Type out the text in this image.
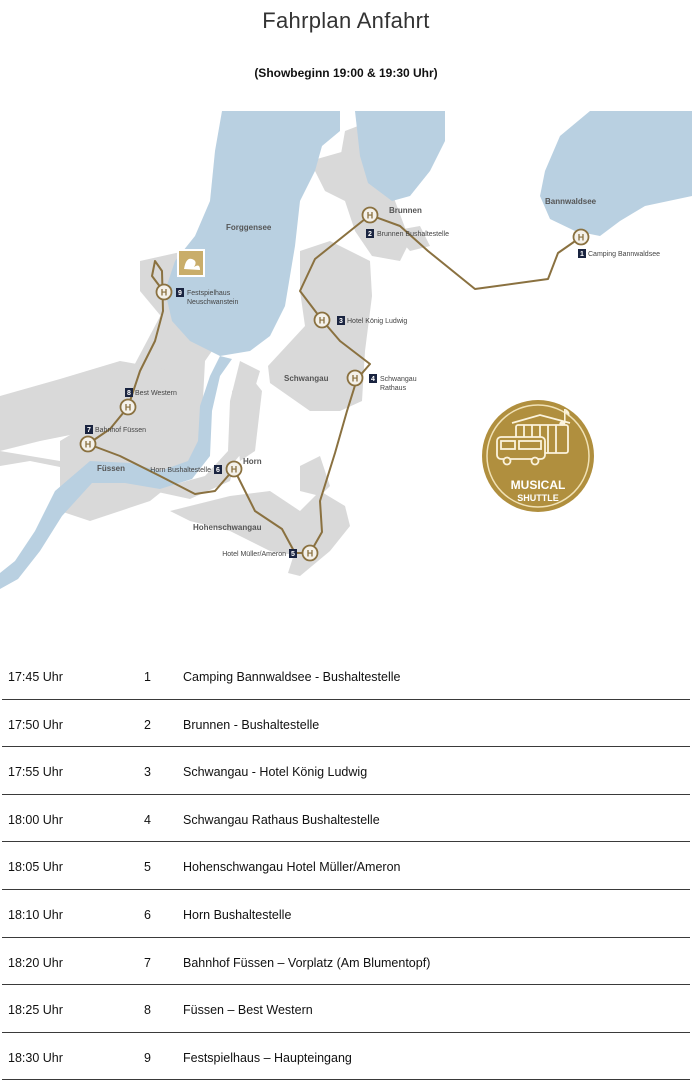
Fahrplan Anfahrt
(Showbeginn 19:00 & 19:30 Uhr)
Forggensee
Bannwaldsee
Brunnen
Schwangau
Füssen
Horn
Hohenschwangau
H
1 Camping Bannwaldsee
H
2 Brunnen Bushaltestelle
H 3 Hotel König Ludwig
H 4 Schwangau
Rathaus
H
5
Hotel Müller/Ameron
H
6
Horn Bushaltestelle
H
7 Bahnhof Füssen
H
8 Best Western
H 9 Festspielhaus
Neuschwanstein
MUSICAL
SHUTTLE
17:45 Uhr	1	Camping Bannwaldsee - Bushaltestelle
17:50 Uhr	2	Brunnen - Bushaltestelle
17:55 Uhr	3	Schwangau - Hotel König Ludwig
18:00 Uhr	4	Schwangau Rathaus Bushaltestelle
18:05 Uhr	5	Hohenschwangau Hotel Müller/Ameron
18:10 Uhr	6	Horn Bushaltestelle
18:20 Uhr	7	Bahnhof Füssen – Vorplatz (Am Blumentopf)
18:25 Uhr	8	Füssen – Best Western
18:30 Uhr	9	Festspielhaus – Haupteingang
